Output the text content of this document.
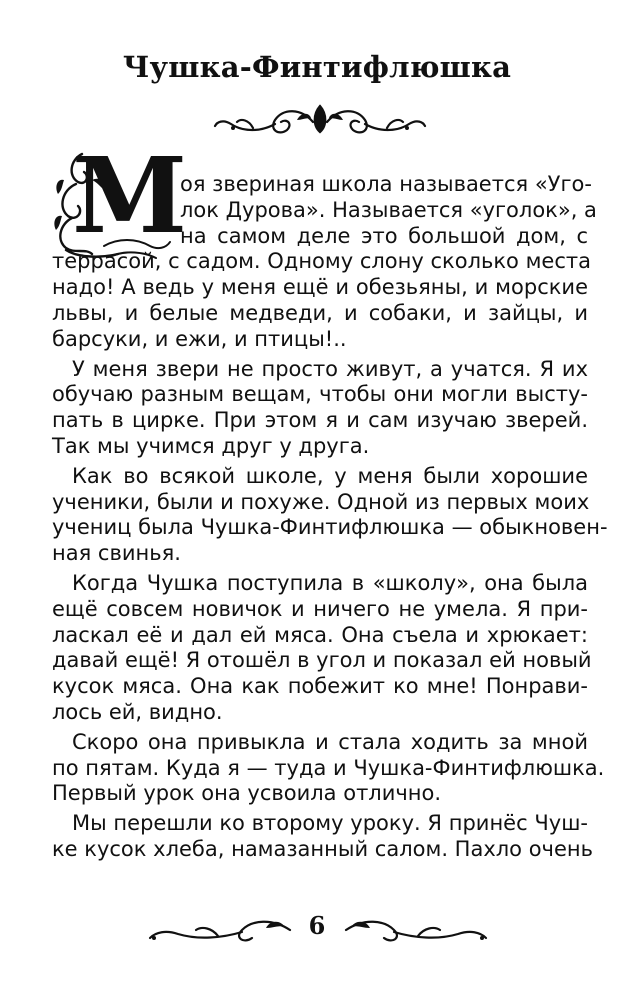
Чушка-Финтифлюшка
М
оя звериная школа называется «Уго-
лок Дурова». Называется «уголок», а
на самом деле это большой дом, с
террасой, с садом. Одному слону сколько места
надо! А ведь у меня ещё и обезьяны, и морские
львы, и белые медведи, и собаки, и зайцы, и
барсуки, и ежи, и птицы!..
У меня звери не просто живут, а учатся. Я их
обучаю разным вещам, чтобы они могли высту-
пать в цирке. При этом я и сам изучаю зверей.
Так мы учимся друг у друга.
Как во всякой школе, у меня были хорошие
ученики, были и похуже. Одной из первых моих
учениц была Чушка-Финтифлюшка — обыкновен-
ная свинья.
Когда Чушка поступила в «школу», она была
ещё совсем новичок и ничего не умела. Я при-
ласкал её и дал ей мяса. Она съела и хрюкает:
давай ещё! Я отошёл в угол и показал ей новый
кусок мяса. Она как побежит ко мне! Понрави-
лось ей, видно.
Скоро она привыкла и стала ходить за мной
по пятам. Куда я — туда и Чушка-Финтифлюшка.
Первый урок она усвоила отлично.
Мы перешли ко второму уроку. Я принёс Чуш-
ке кусок хлеба, намазанный салом. Пахло очень
6
